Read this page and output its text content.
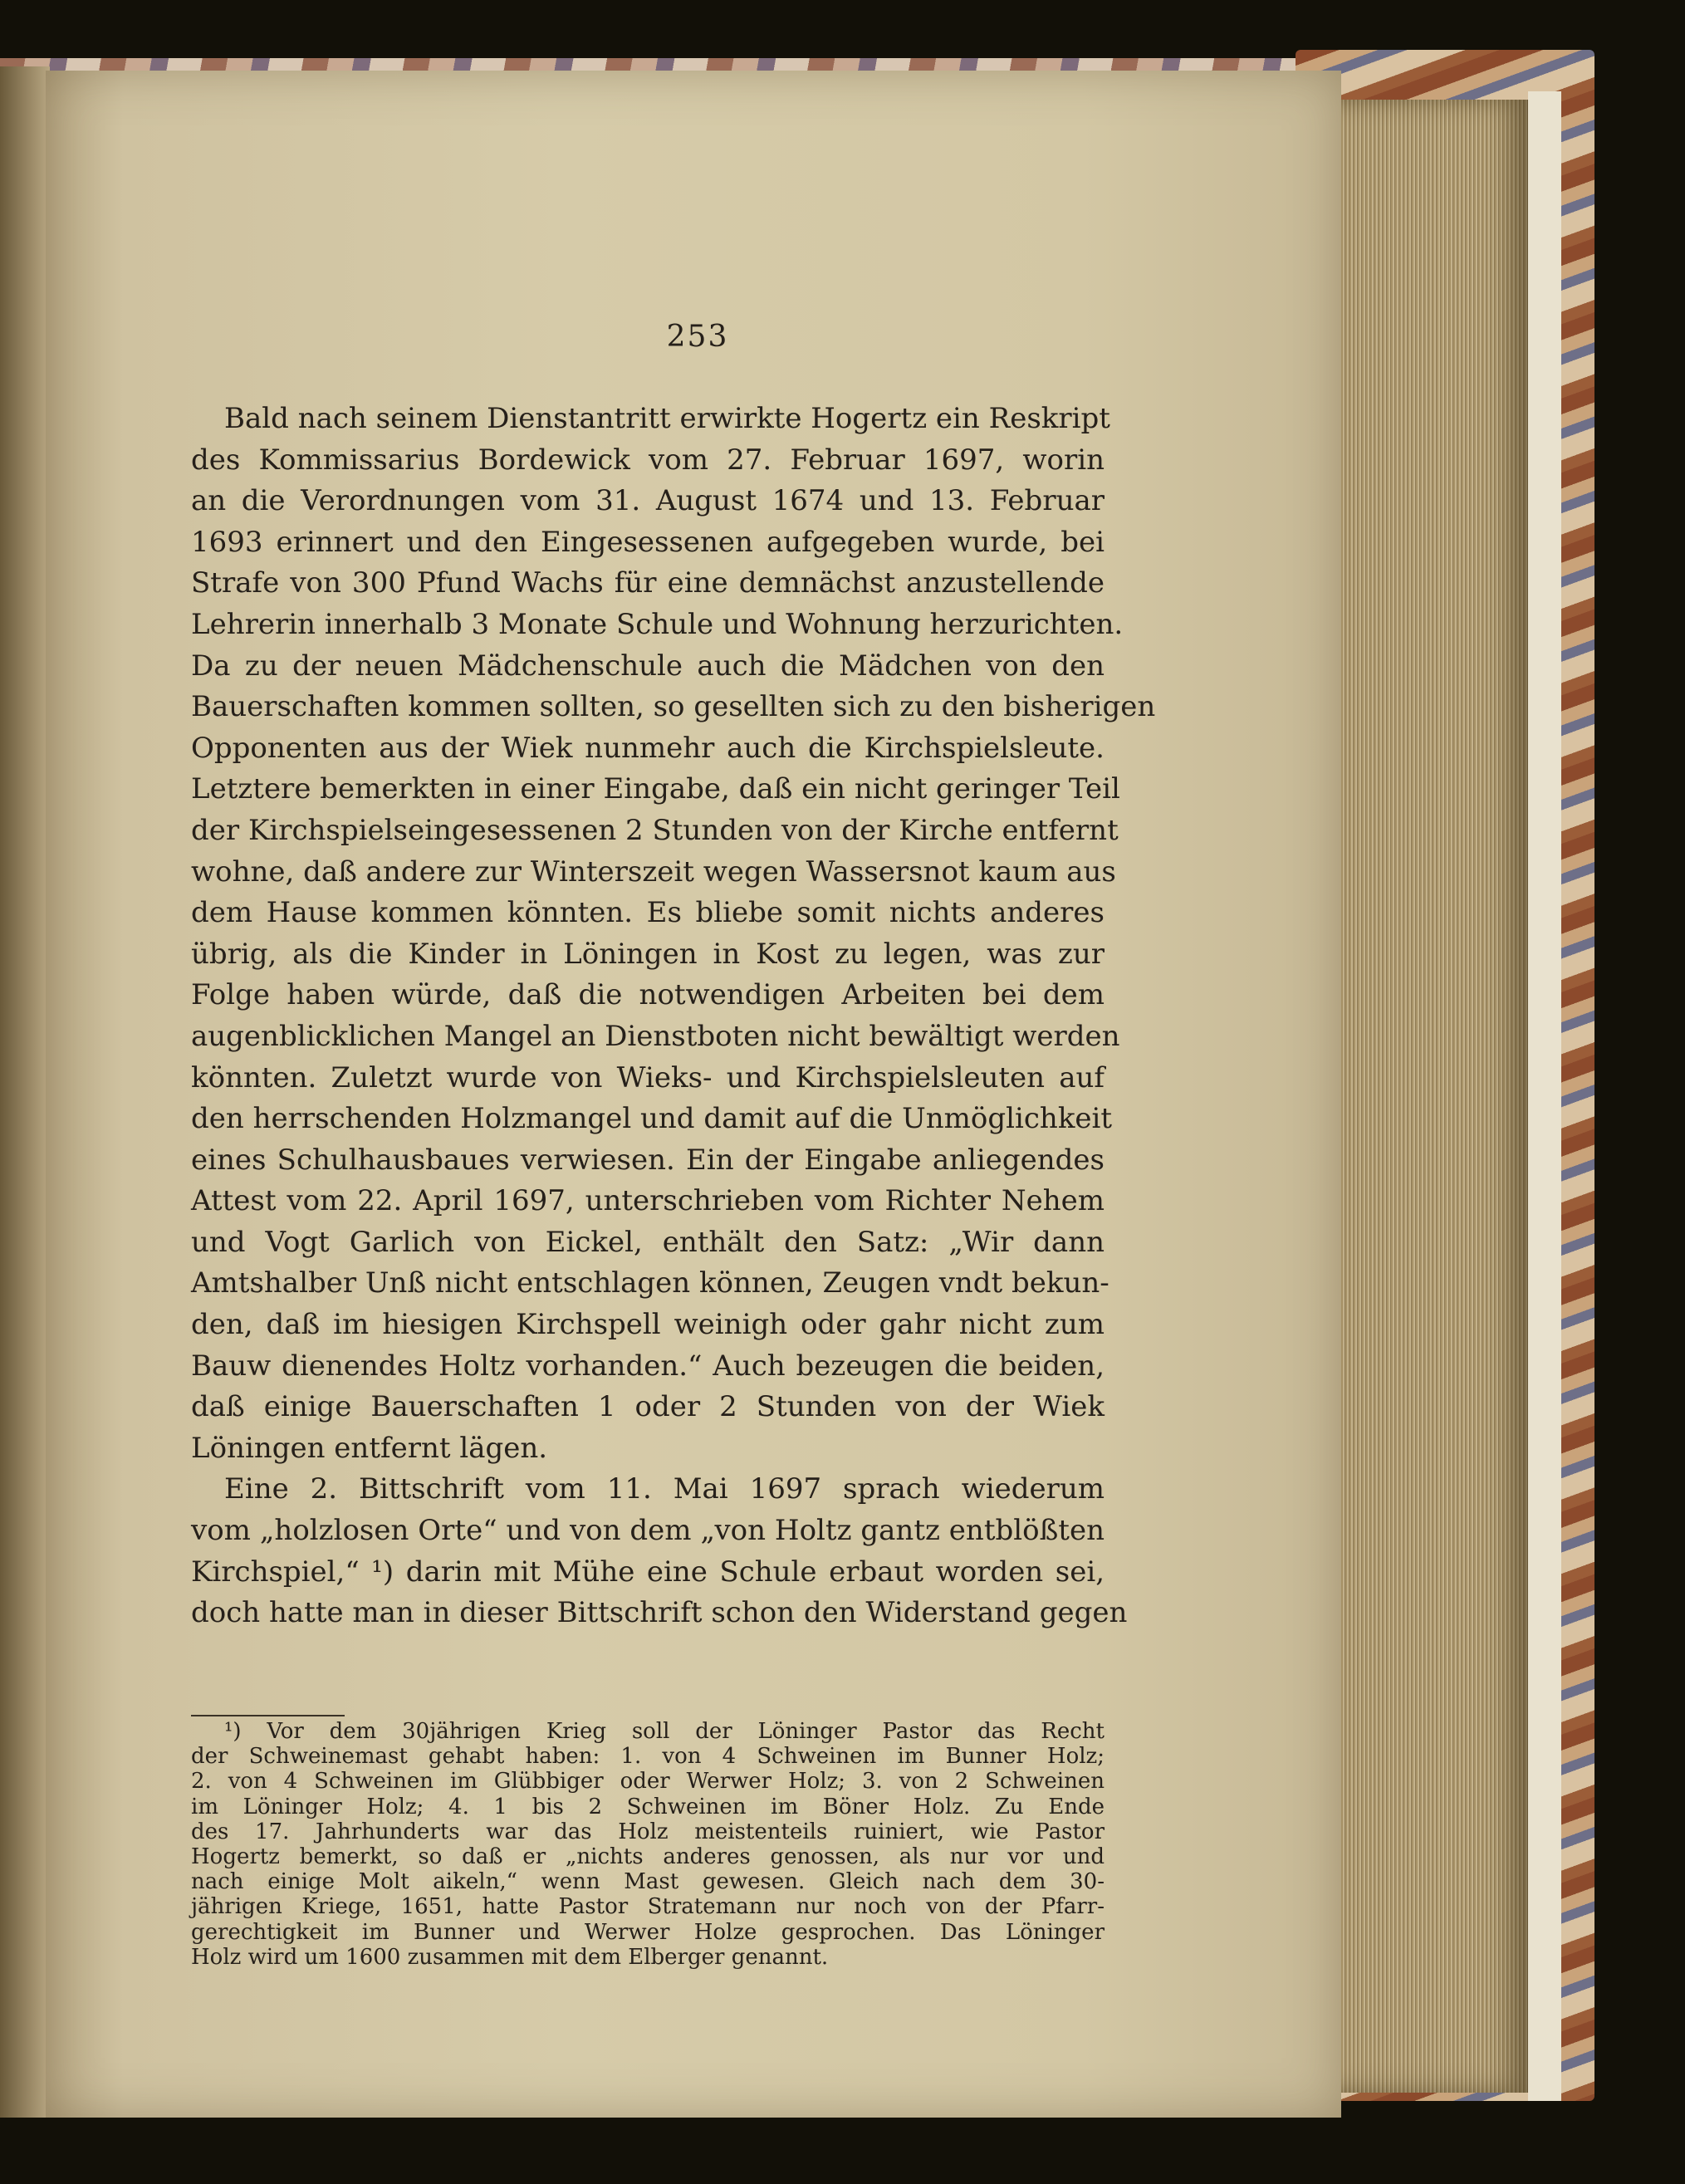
253
Bald nach seinem Dienstantritt erwirkte Hogertz ein Reskript
des Kommissarius Bordewick vom 27. Februar 1697, worin
an die Verordnungen vom 31. August 1674 und 13. Februar
1693 erinnert und den Eingesessenen aufgegeben wurde, bei
Strafe von 300 Pfund Wachs für eine demnächst anzustellende
Lehrerin innerhalb 3 Monate Schule und Wohnung herzurichten.
Da zu der neuen Mädchenschule auch die Mädchen von den
Bauerschaften kommen sollten, so gesellten sich zu den bisherigen
Opponenten aus der Wiek nunmehr auch die Kirchspielsleute.
Letztere bemerkten in einer Eingabe, daß ein nicht geringer Teil
der Kirchspielseingesessenen 2 Stunden von der Kirche entfernt
wohne, daß andere zur Winterszeit wegen Wassersnot kaum aus
dem Hause kommen könnten. Es bliebe somit nichts anderes
übrig, als die Kinder in Löningen in Kost zu legen, was zur
Folge haben würde, daß die notwendigen Arbeiten bei dem
augenblicklichen Mangel an Dienstboten nicht bewältigt werden
könnten. Zuletzt wurde von Wieks- und Kirchspielsleuten auf
den herrschenden Holzmangel und damit auf die Unmöglichkeit
eines Schulhausbaues verwiesen. Ein der Eingabe anliegendes
Attest vom 22. April 1697, unterschrieben vom Richter Nehem
und Vogt Garlich von Eickel, enthält den Satz: „Wir dann
Amtshalber Unß nicht entschlagen können, Zeugen vndt bekun-
den, daß im hiesigen Kirchspell weinigh oder gahr nicht zum
Bauw dienendes Holtz vorhanden.“ Auch bezeugen die beiden,
daß einige Bauerschaften 1 oder 2 Stunden von der Wiek
Löningen entfernt lägen.
Eine 2. Bittschrift vom 11. Mai 1697 sprach wiederum
vom „holzlosen Orte“ und von dem „von Holtz gantz entblößten
Kirchspiel,“ ¹) darin mit Mühe eine Schule erbaut worden sei,
doch hatte man in dieser Bittschrift schon den Widerstand gegen
¹) Vor dem 30jährigen Krieg soll der Löninger Pastor das Recht
der Schweinemast gehabt haben: 1. von 4 Schweinen im Bunner Holz;
2. von 4 Schweinen im Glübbiger oder Werwer Holz; 3. von 2 Schweinen
im Löninger Holz; 4. 1 bis 2 Schweinen im Böner Holz. Zu Ende
des 17. Jahrhunderts war das Holz meistenteils ruiniert, wie Pastor
Hogertz bemerkt, so daß er „nichts anderes genossen, als nur vor und
nach einige Molt aikeln,“ wenn Mast gewesen. Gleich nach dem 30-
jährigen Kriege, 1651, hatte Pastor Stratemann nur noch von der Pfarr-
gerechtigkeit im Bunner und Werwer Holze gesprochen. Das Löninger
Holz wird um 1600 zusammen mit dem Elberger genannt.
